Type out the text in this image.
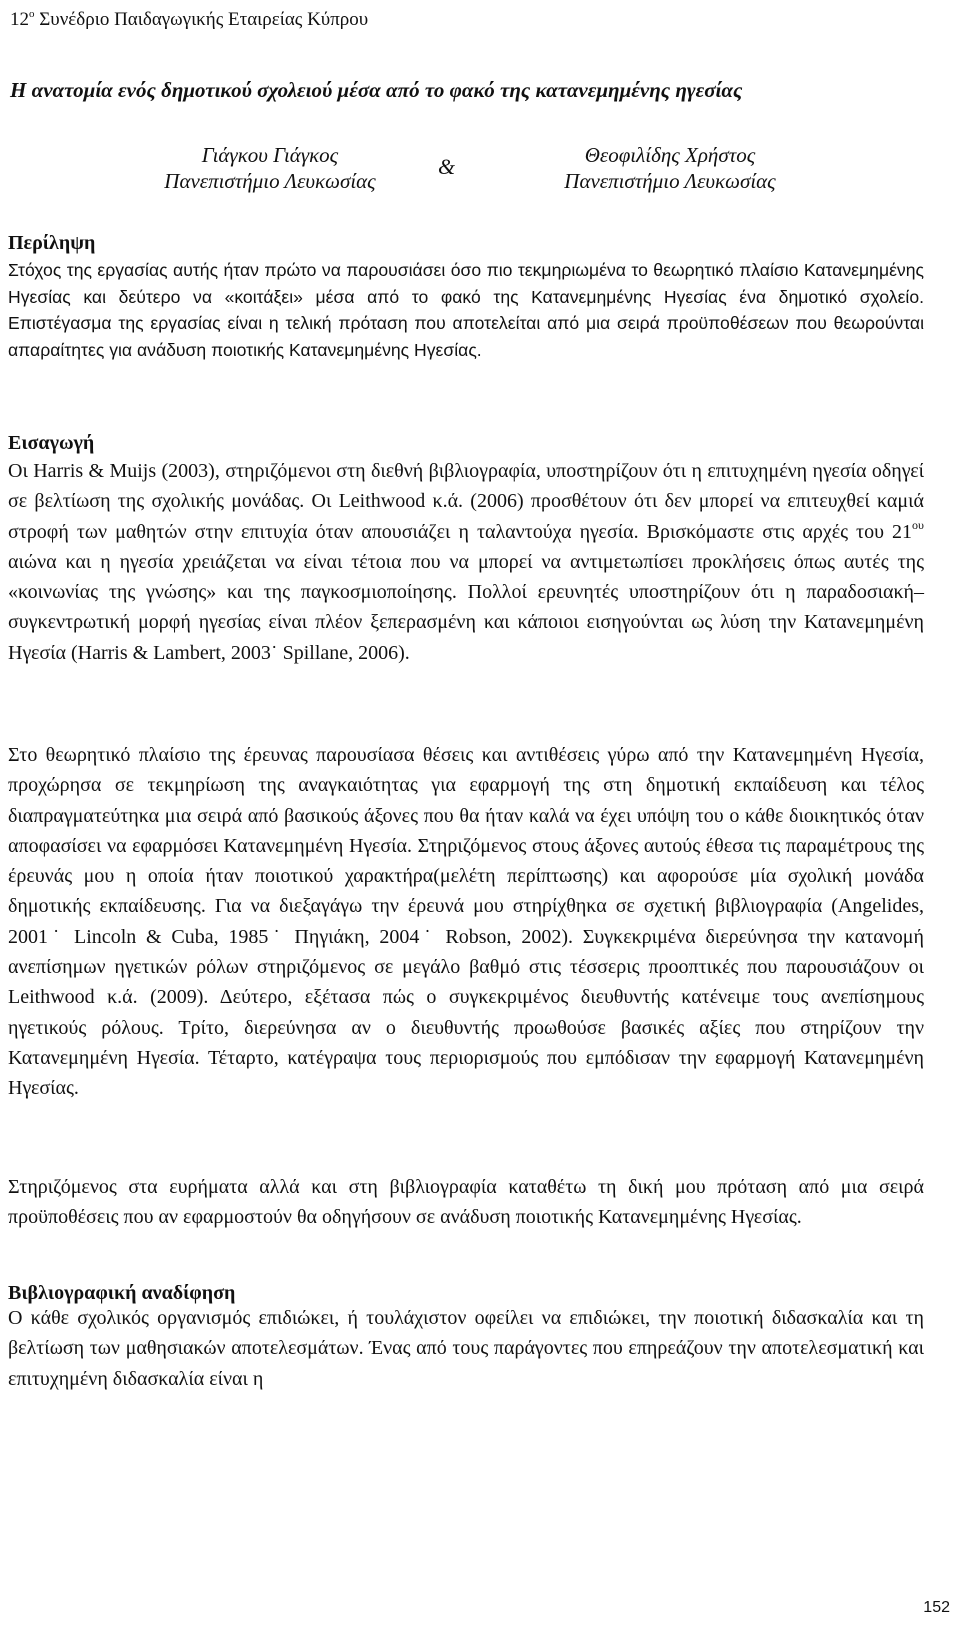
$12^o$ Συνέδριο Παιδαγωγικής Εταιρείας Κύπρου
Η ανατομία ενός δημοτικού σχολειού μέσα από το φακό της κατανεμημένης ηγεσίας
Γιάγκου Γιάγκος
Πανεπιστήμιο Λευκωσίας
&	Θεοφιλίδης Χρήστος
Πανεπιστήμιο Λευκωσίας
Περίληψη
Στόχος της εργασίας αυτής ήταν πρώτο να παρουσιάσει όσο πιο τεκμηριωμένα το θεωρητικό πλαίσιο Κατανεμημένης Ηγεσίας και δεύτερο να «κοιτάξει» μέσα από το φακό της Κατανεμημένης Ηγεσίας ένα δημοτικό σχολείο. Επιστέγασμα της εργασίας είναι η τελική πρόταση που αποτελείται από μια σειρά προϋποθέσεων που θεωρούνται απαραίτητες για ανάδυση ποιοτικής Κατανεμημένης Ηγεσίας.
Εισαγωγή
Οι Harris & Muijs (2003), στηριζόμενοι στη διεθνή βιβλιογραφία, υποστηρίζουν ότι η επιτυχημένη ηγεσία οδηγεί σε βελτίωση της σχολικής μονάδας. Οι Leithwood κ.ά. (2006) προσθέτουν ότι δεν μπορεί να επιτευχθεί καμιά στροφή των μαθητών στην επιτυχία όταν απουσιάζει η ταλαντούχα ηγεσία. Βρισκόμαστε στις αρχές του $21^{o\upsilon}$ αιώνα και η ηγεσία χρειάζεται να είναι τέτοια που να μπορεί να αντιμετωπίσει προκλήσεις όπως αυτές της «κοινωνίας της γνώσης» και της παγκοσμιοποίησης. Πολλοί ερευνητές υποστηρίζουν ότι η παραδοσιακή–συγκεντρωτική μορφή ηγεσίας είναι πλέον ξεπερασμένη και κάποιοι εισηγούνται ως λύση την Κατανεμημένη Ηγεσία (Harris & Lambert, 2003˙ Spillane, 2006).
Στο θεωρητικό πλαίσιο της έρευνας παρουσίασα θέσεις και αντιθέσεις γύρω από την Κατανεμημένη Ηγεσία, προχώρησα σε τεκμηρίωση της αναγκαιότητας για εφαρμογή της στη δημοτική εκπαίδευση και τέλος διαπραγματεύτηκα μια σειρά από βασικούς άξονες που θα ήταν καλά να έχει υπόψη του ο κάθε διοικητικός όταν αποφασίσει να εφαρμόσει Κατανεμημένη Ηγεσία. Στηριζόμενος στους άξονες αυτούς έθεσα τις παραμέτρους της έρευνάς μου η οποία ήταν ποιοτικού χαρακτήρα(μελέτη περίπτωσης) και αφορούσε μία σχολική μονάδα δημοτικής εκπαίδευσης. Για να διεξαγάγω την έρευνά μου στηρίχθηκα σε σχετική βιβλιογραφία (Angelides, 2001˙ Lincoln & Cuba, 1985˙ Πηγιάκη, 2004˙ Robson, 2002). Συγκεκριμένα διερεύνησα την κατανομή ανεπίσημων ηγετικών ρόλων στηριζόμενος σε μεγάλο βαθμό στις τέσσερις προοπτικές που παρουσιάζουν οι Leithwood κ.ά. (2009). Δεύτερο, εξέτασα πώς ο συγκεκριμένος διευθυντής κατένειμε τους ανεπίσημους ηγετικούς ρόλους. Τρίτο, διερεύνησα αν ο διευθυντής προωθούσε βασικές αξίες που στηρίζουν την Κατανεμημένη Ηγεσία. Τέταρτο, κατέγραψα τους περιορισμούς που εμπόδισαν την εφαρμογή Κατανεμημένη Ηγεσίας.
Στηριζόμενος στα ευρήματα αλλά και στη βιβλιογραφία καταθέτω τη δική μου πρόταση από μια σειρά προϋποθέσεις που αν εφαρμοστούν θα οδηγήσουν σε ανάδυση ποιοτικής Κατανεμημένης Ηγεσίας.
Βιβλιογραφική αναδίφηση
Ο κάθε σχολικός οργανισμός επιδιώκει, ή τουλάχιστον οφείλει να επιδιώκει, την ποιοτική διδασκαλία και τη βελτίωση των μαθησιακών αποτελεσμάτων. Ένας από τους παράγοντες που επηρεάζουν την αποτελεσματική και επιτυχημένη διδασκαλία είναι η
152
